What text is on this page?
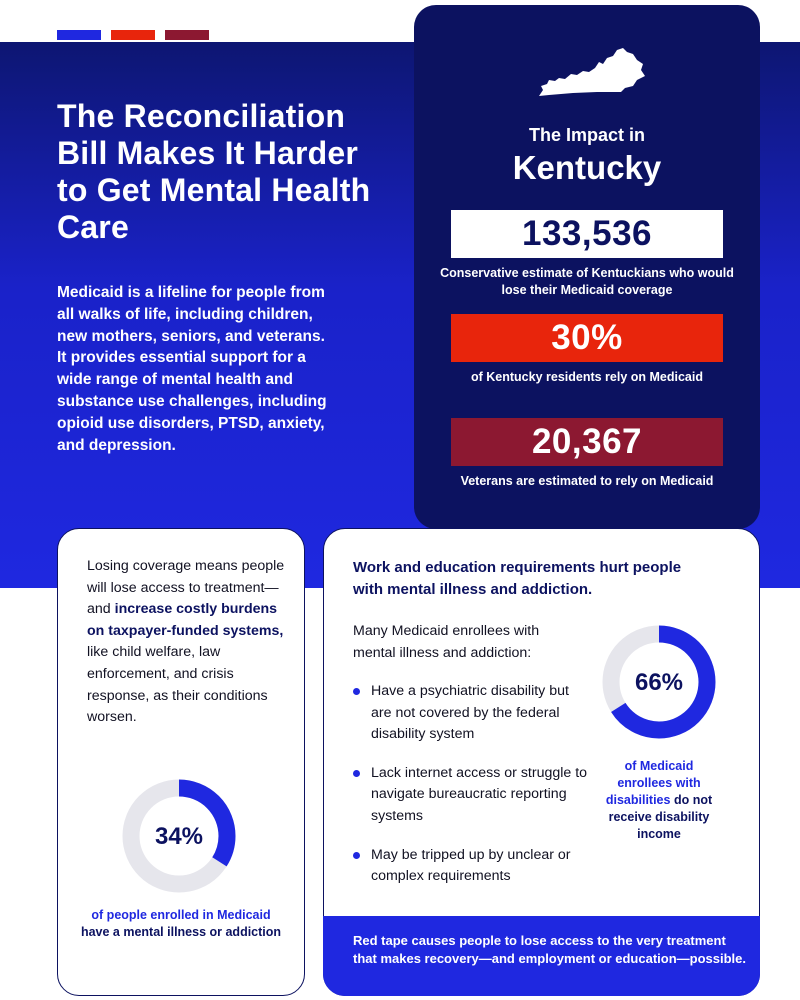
The Reconciliation Bill Makes It Harder to Get Mental Health Care

Medicaid is a lifeline for people from all walks of life, including children, new mothers, seniors, and veterans. It provides essential support for a wide range of mental health and substance use challenges, including opioid use disorders, PTSD, anxiety, and depression.

The Impact in
Kentucky
133,536
Conservative estimate of Kentuckians who would lose their Medicaid coverage
30%
of Kentucky residents rely on Medicaid
20,367
Veterans are estimated to rely on Medicaid

Losing coverage means people will lose access to treatment—and increase costly burdens on taxpayer-funded systems, like child welfare, law enforcement, and crisis response, as their conditions worsen.

34%

of people enrolled in Medicaid have a mental illness or addiction

Work and education requirements hurt people with mental illness and addiction.

Many Medicaid enrollees with mental illness and addiction:

Have a psychiatric disability but are not covered by the federal disability system
Lack internet access or struggle to navigate bureaucratic reporting systems
May be tripped up by unclear or complex requirements
66%

of Medicaid enrollees with disabilities do not receive disability income

Red tape causes people to lose access to the very treatment that makes recovery—and employment or education—possible.
